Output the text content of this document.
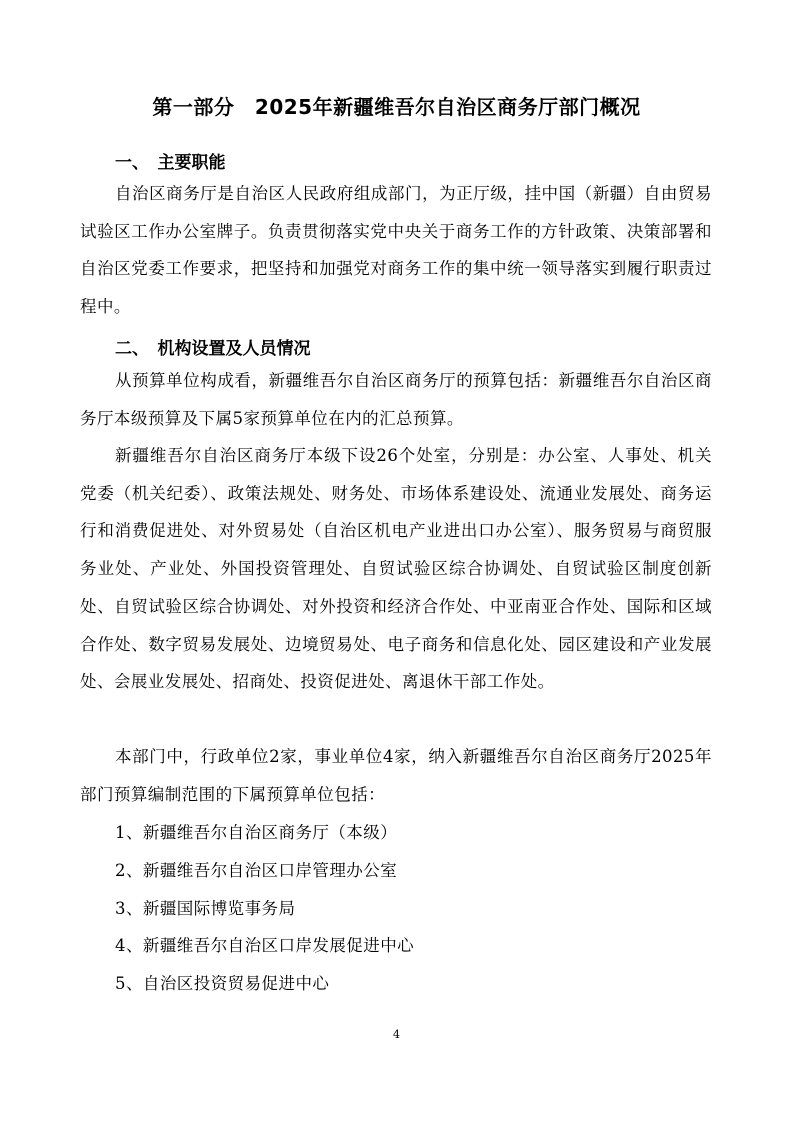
第一部分　2025年新疆维吾尔自治区商务厅部门概况
一、　主要职能

自治区商务厅是自治区人民政府组成部门，为正厅级，挂中国（新疆）自由贸易试验区工作办公室牌子。负责贯彻落实党中央关于商务工作的方针政策、决策部署和自治区党委工作要求，把坚持和加强党对商务工作的集中统一领导落实到履行职责过程中。

二、　机构设置及人员情况

从预算单位构成看，新疆维吾尔自治区商务厅的预算包括：新疆维吾尔自治区商务厅本级预算及下属5家预算单位在内的汇总预算。

新疆维吾尔自治区商务厅本级下设26个处室，分别是：办公室、人事处、机关党委（机关纪委）、政策法规处、财务处、市场体系建设处、流通业发展处、商务运行和消费促进处、对外贸易处（自治区机电产业进出口办公室）、服务贸易与商贸服务业处、产业处、外国投资管理处、自贸试验区综合协调处、自贸试验区制度创新处、自贸试验区综合协调处、对外投资和经济合作处、中亚南亚合作处、国际和区域合作处、数字贸易发展处、边境贸易处、电子商务和信息化处、园区建设和产业发展处、会展业发展处、招商处、投资促进处、离退休干部工作处。

本部门中，行政单位2家，事业单位4家，纳入新疆维吾尔自治区商务厅2025年部门预算编制范围的下属预算单位包括：

1、新疆维吾尔自治区商务厅（本级）

2、新疆维吾尔自治区口岸管理办公室

3、新疆国际博览事务局

4、新疆维吾尔自治区口岸发展促进中心

5、自治区投资贸易促进中心

4
